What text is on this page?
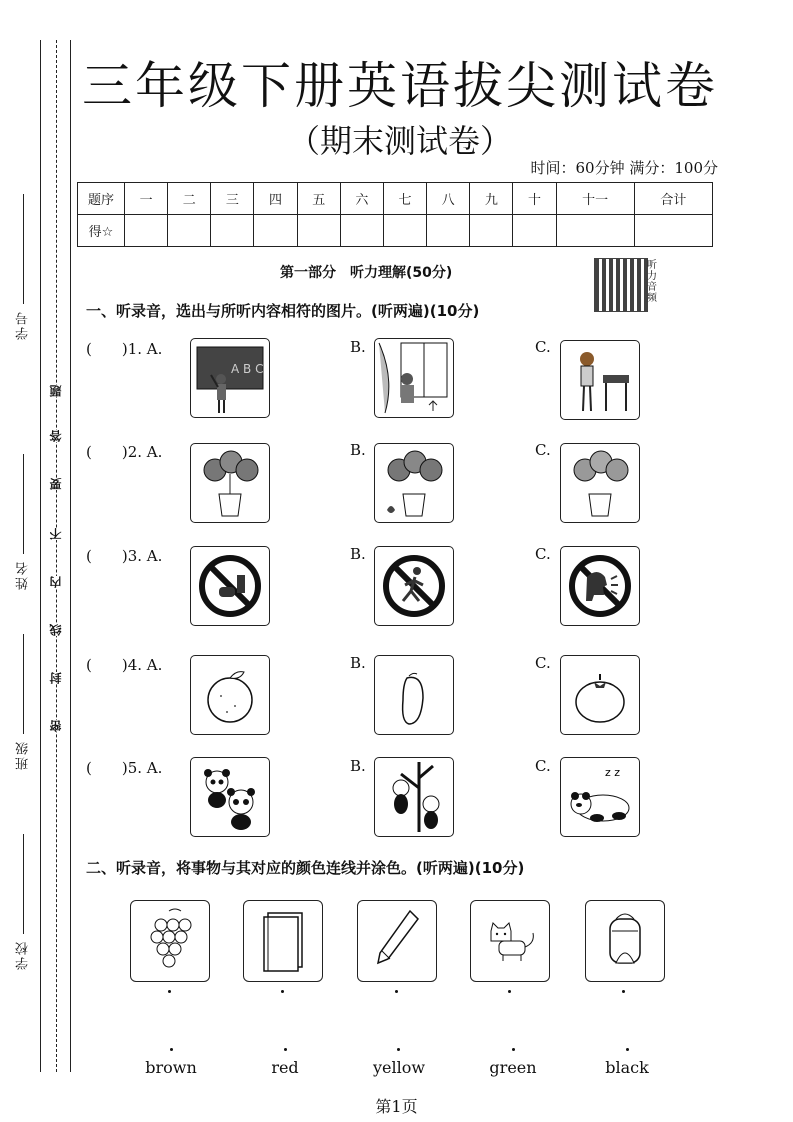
学号
姓名
班级
学校
题
答
要
不
内
线
封
密
三年级下册英语拔尖测试卷
（期末测试卷）
时间：60分钟 满分：100分
题序	一	二	三	四	五	六	七	八	九	十	十一	合计
得☆												
第一部分　听力理解(50分)	听力音频
一、听录音，选出与所听内容相符的图片。(听两遍)(10分)
(　　)1. A.
A B C
B.	C.
(　　)2. A.	B.	C.
(　　)3. A.	B.	C.
(　　)4. A.	B.	C.
(　　)5. A.	B.	C.	z z
二、听录音，将事物与其对应的颜色连线并涂色。(听两遍)(10分)
brown	red	yellow	green	black
第1页
